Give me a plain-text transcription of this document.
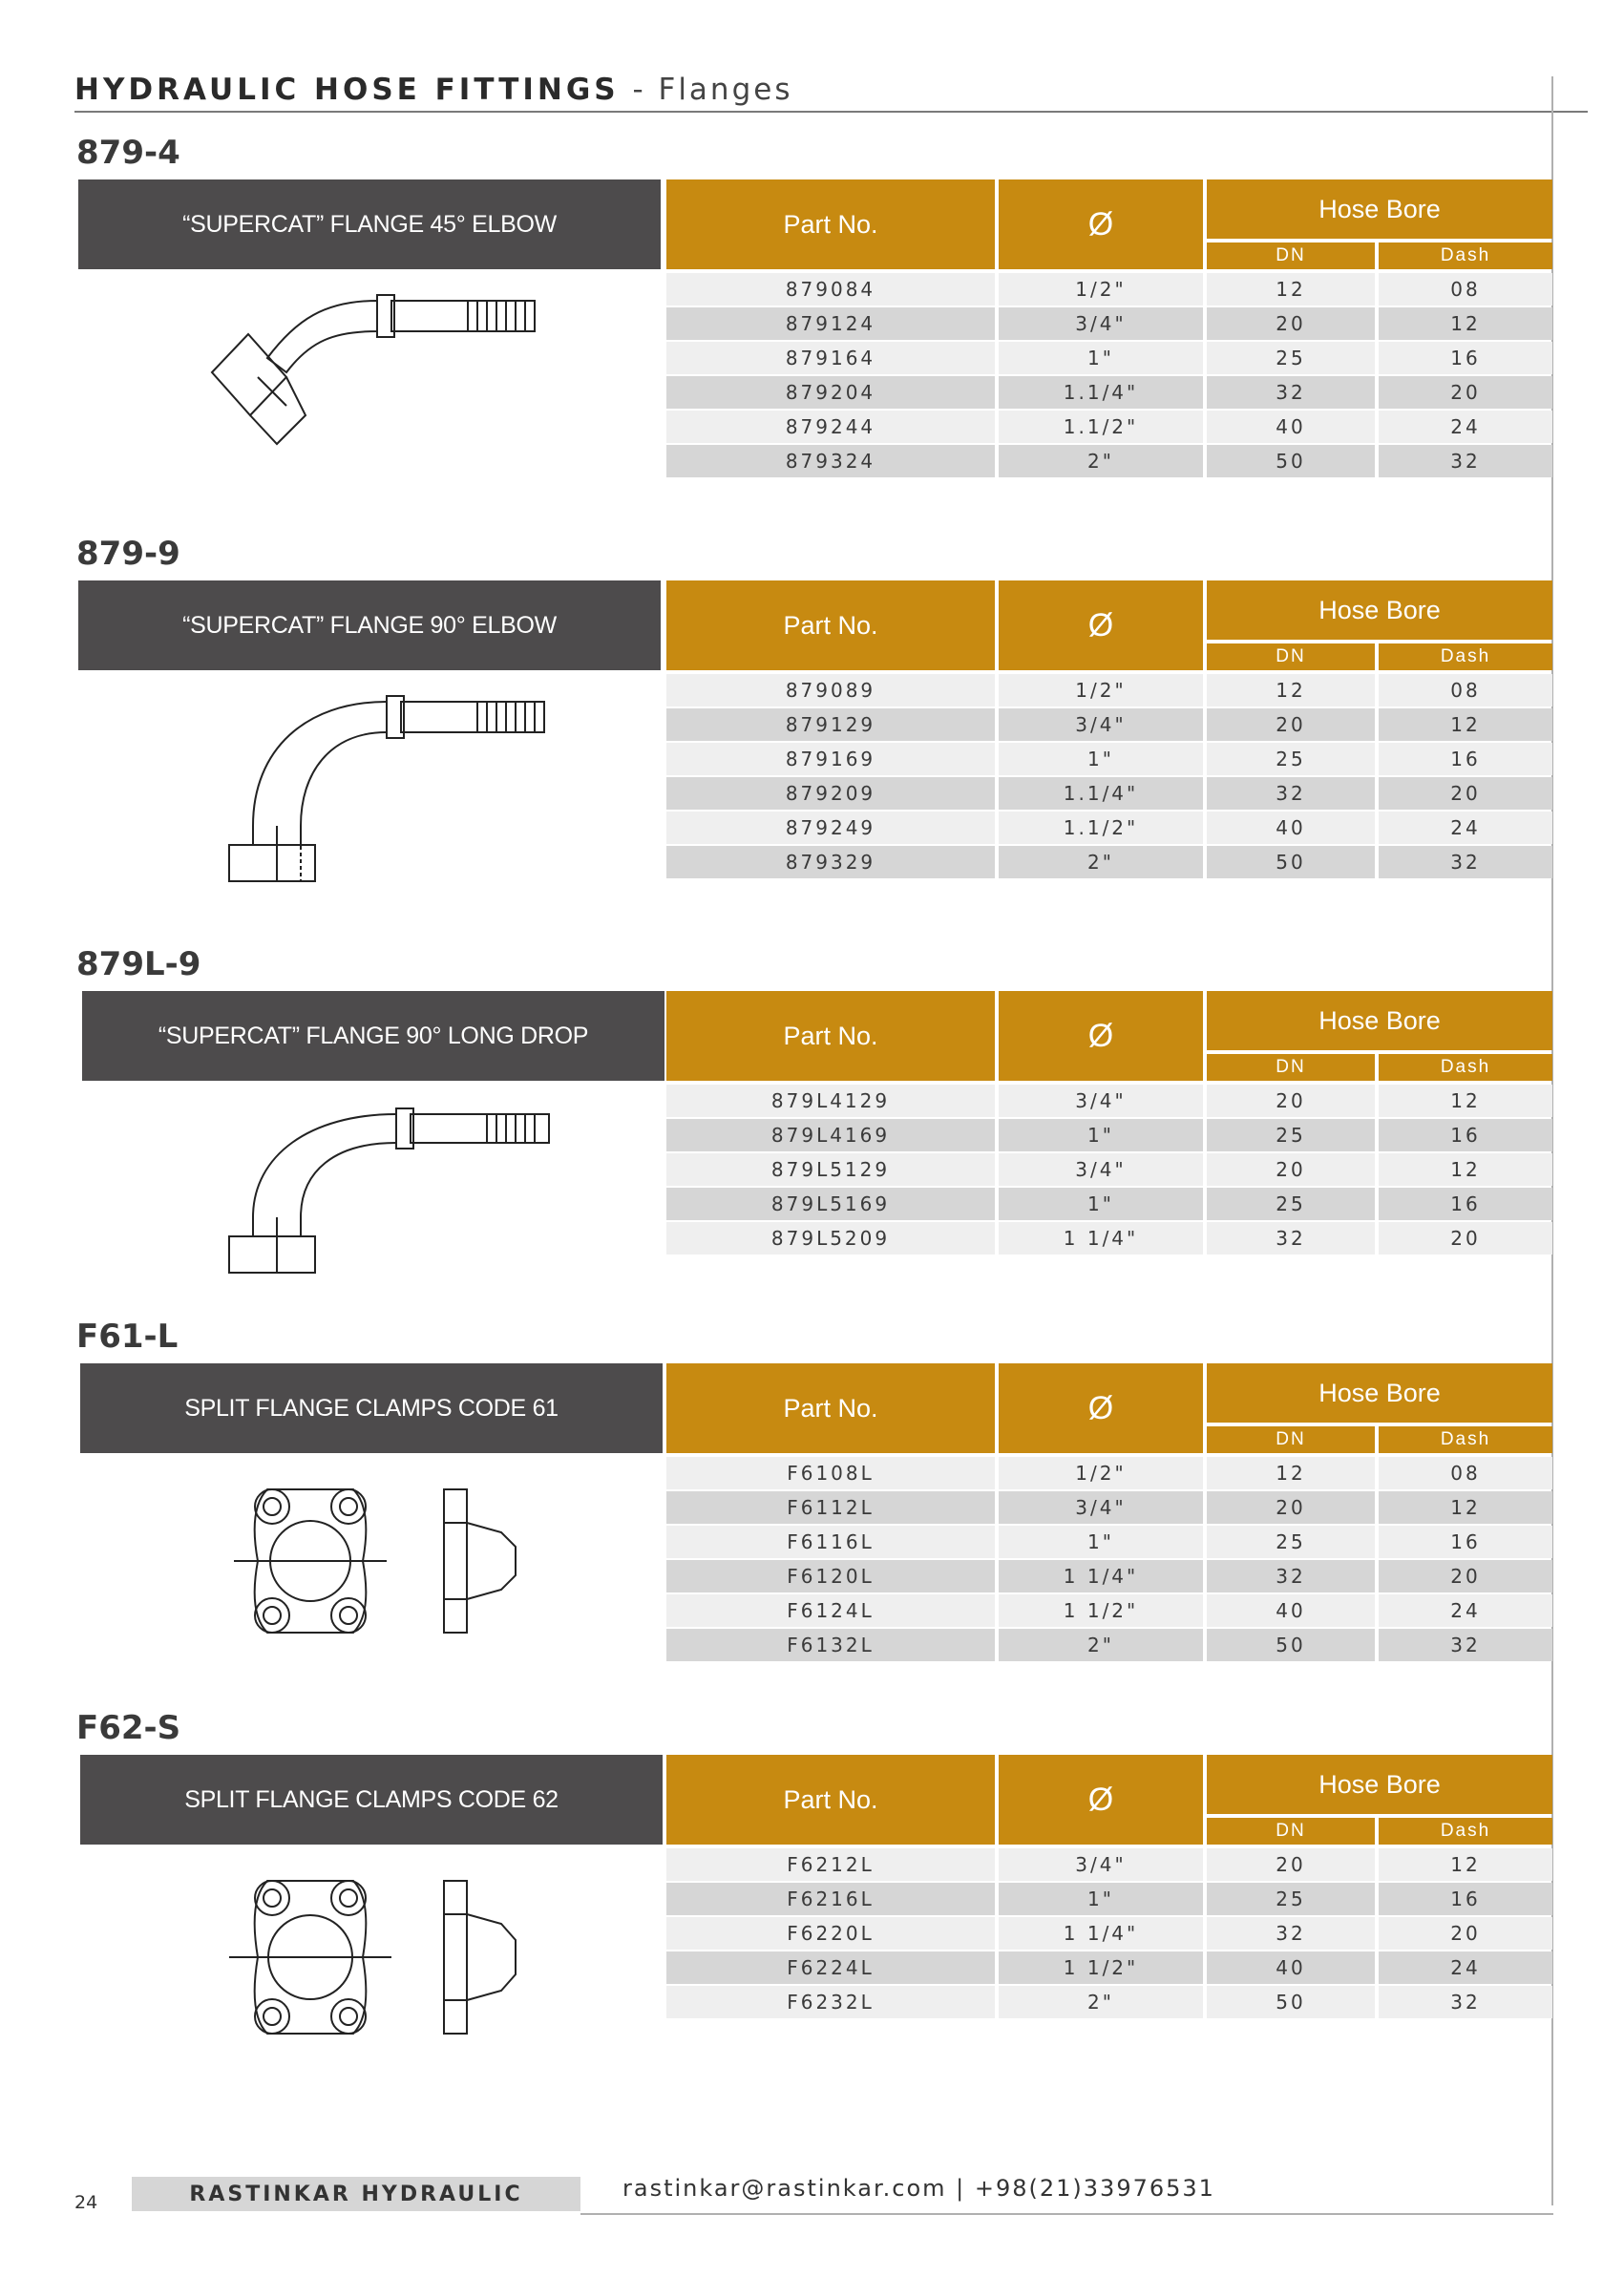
HYDRAULIC HOSE FITTINGS - Flanges
879-4
“SUPERCAT” FLANGE 45° ELBOW	Part No.	Ø	Hose Bore
DN	Dash
879084	1/2"	12	08
879124	3/4"	20	12
879164	1"	25	16
879204	1.1/4"	32	20
879244	1.1/2"	40	24
879324	2"	50	32
879-9
“SUPERCAT” FLANGE 90° ELBOW	Part No.	Ø	Hose Bore
DN	Dash
879089	1/2"	12	08
879129	3/4"	20	12
879169	1"	25	16
879209	1.1/4"	32	20
879249	1.1/2"	40	24
879329	2"	50	32
879L-9
“SUPERCAT” FLANGE 90° LONG DROP	Part No.	Ø	Hose Bore
DN	Dash
879L4129	3/4"	20	12
879L4169	1"	25	16
879L5129	3/4"	20	12
879L5169	1"	25	16
879L5209	1 1/4"	32	20
F61-L
SPLIT FLANGE CLAMPS CODE 61	Part No.	Ø	Hose Bore
DN	Dash
F6108L	1/2"	12	08
F6112L	3/4"	20	12
F6116L	1"	25	16
F6120L	1 1/4"	32	20
F6124L	1 1/2"	40	24
F6132L	2"	50	32
F62-S
SPLIT FLANGE CLAMPS CODE 62	Part No.	Ø	Hose Bore
DN	Dash
F6212L	3/4"	20	12
F6216L	1"	25	16
F6220L	1 1/4"	32	20
F6224L	1 1/2"	40	24
F6232L	2"	50	32
24	RASTINKAR HYDRAULIC	rastinkar@rastinkar.com | +98(21)33976531
